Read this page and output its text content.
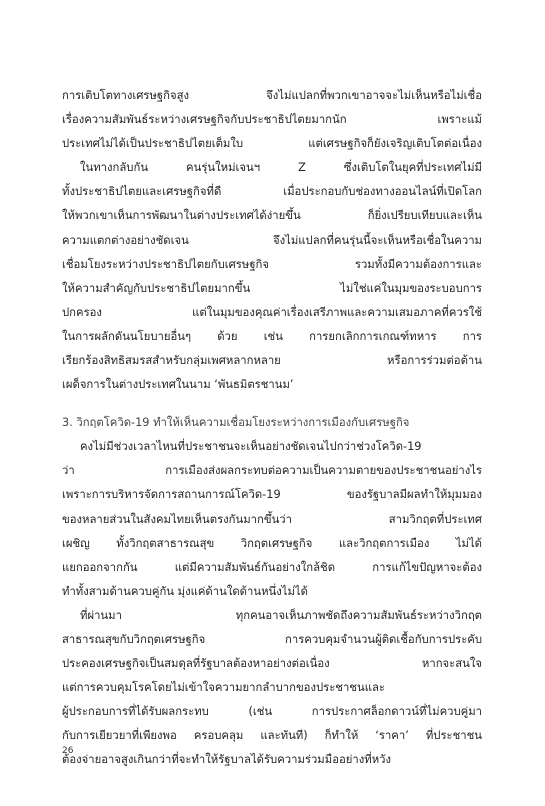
การเติบโตทางเศรษฐกิจสูง จึงไม่แปลกที่พวกเขาอาจจะไม่เห็นหรือไม่เชื่อ
เรื่องความสัมพันธ์ระหว่างเศรษฐกิจกับประชาธิปไตยมากนัก เพราะแม้
ประเทศไม่ได้เป็นประชาธิปไตยเต็มใบ แต่เศรษฐกิจก็ยังเจริญเติบโตต่อเนื่อง
ในทางกลับกัน คนรุ่นใหม่เจนฯ Z ซึ่งเติบโตในยุคที่ประเทศไม่มี
ทั้งประชาธิปไตยและเศรษฐกิจที่ดี เมื่อประกอบกับช่องทางออนไลน์ที่เปิดโลก
ให้พวกเขาเห็นการพัฒนาในต่างประเทศได้ง่ายขึ้น ก็ยิ่งเปรียบเทียบและเห็น
ความแตกต่างอย่างชัดเจน จึงไม่แปลกที่คนรุ่นนี้จะเห็นหรือเชื่อในความ
เชื่อมโยงระหว่างประชาธิปไตยกับเศรษฐกิจ รวมทั้งมีความต้องการและ
ให้ความสำคัญกับประชาธิปไตยมากขึ้น ไม่ใช่แค่ในมุมของระบอบการ
ปกครอง แต่ในมุมของคุณค่าเรื่องเสรีภาพและความเสมอภาคที่ควรใช้
ในการผลักดันนโยบายอื่นๆ ด้วย เช่น การยกเลิกการเกณฑ์ทหาร การ
เรียกร้องสิทธิสมรสสำหรับกลุ่มเพศหลากหลาย หรือการร่วมต่อต้าน
เผด็จการในต่างประเทศในนาม ‘พันธมิตรชานม’
3. วิกฤตโควิด-19 ทำให้เห็นความเชื่อมโยงระหว่างการเมืองกับเศรษฐกิจ
คงไม่มีช่วงเวลาไหนที่ประชาชนจะเห็นอย่างชัดเจนไปกว่าช่วงโควิด-19
ว่า การเมืองส่งผลกระทบต่อความเป็นความตายของประชาชนอย่างไร
เพราะการบริหารจัดการสถานการณ์โควิด-19 ของรัฐบาลมีผลทำให้มุมมอง
ของหลายส่วนในสังคมไทยเห็นตรงกันมากขึ้นว่า สามวิกฤตที่ประเทศ
เผชิญ ทั้งวิกฤตสาธารณสุข วิกฤตเศรษฐกิจ และวิกฤตการเมือง ไม่ได้
แยกออกจากกัน แต่มีความสัมพันธ์กันอย่างใกล้ชิด การแก้ไขปัญหาจะต้อง
ทำทั้งสามด้านควบคู่กัน มุ่งแค่ด้านใดด้านหนึ่งไม่ได้
ที่ผ่านมา ทุกคนอาจเห็นภาพชัดถึงความสัมพันธ์ระหว่างวิกฤต
สาธารณสุขกับวิกฤตเศรษฐกิจ การควบคุมจำนวนผู้ติดเชื้อกับการประคับ
ประคองเศรษฐกิจเป็นสมดุลที่รัฐบาลต้องหาอย่างต่อเนื่อง หากจะสนใจ
แต่การควบคุมโรคโดยไม่เข้าใจความยากลำบากของประชาชนและ
ผู้ประกอบการที่ได้รับผลกระทบ (เช่น การประกาศล็อกดาวน์ที่ไม่ควบคู่มา
กับการเยียวยาที่เพียงพอ ครอบคลุม และทันที) ก็ทำให้ ‘ราคา’ ที่ประชาชน
ต้องจ่ายอาจสูงเกินกว่าที่จะทำให้รัฐบาลได้รับความร่วมมืออย่างที่หวัง
26
